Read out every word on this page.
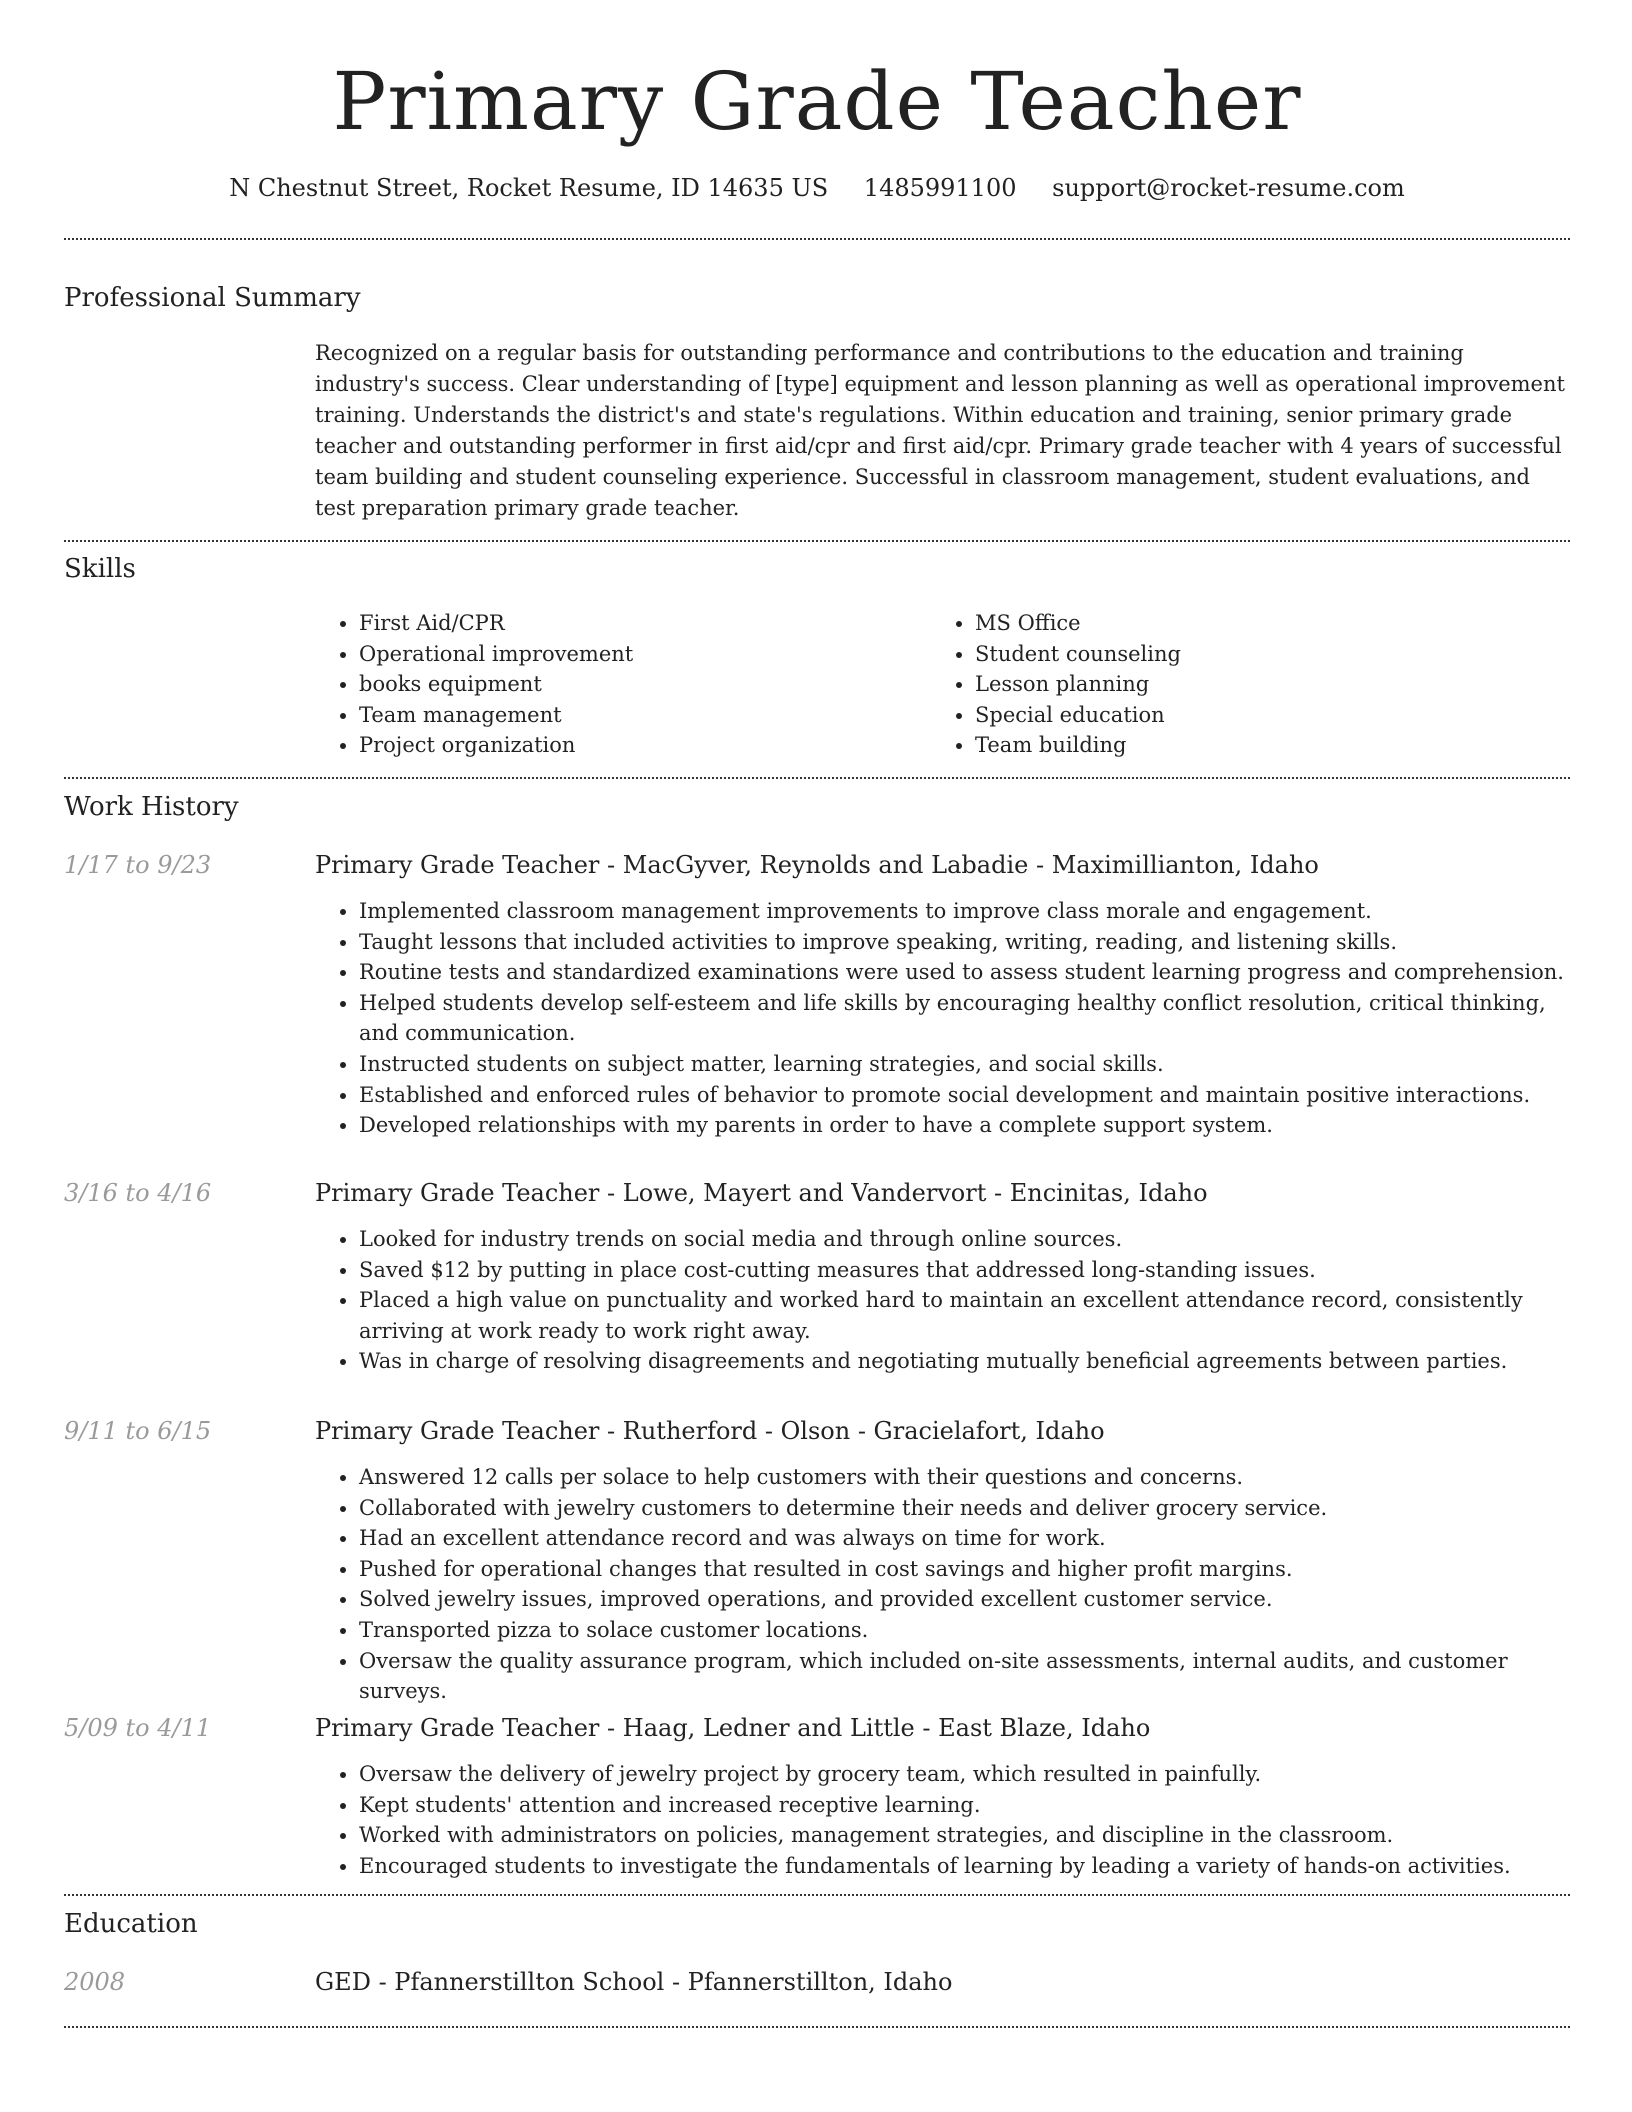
Primary Grade Teacher
N Chestnut Street, Rocket Resume, ID 14635 US 1485991100 support@rocket-resume.com
Professional Summary
Recognized on a regular basis for outstanding performance and contributions to the education and training industry's success. Clear understanding of [type] equipment and lesson planning as well as operational improvement training. Understands the district's and state's regulations. Within education and training, senior primary grade teacher and outstanding performer in first aid/cpr and first aid/cpr. Primary grade teacher with 4 years of successful team building and student counseling experience. Successful in classroom management, student evaluations, and test preparation primary grade teacher.
Skills
• First Aid/CPR
• Operational improvement
• books equipment
• Team management
• Project organization
• MS Office
• Student counseling
• Lesson planning
• Special education
• Team building
Work History
1/17 to 9/23	Primary Grade Teacher - MacGyver, Reynolds and Labadie - Maximillianton, Idaho
• Implemented classroom management improvements to improve class morale and engagement.
• Taught lessons that included activities to improve speaking, writing, reading, and listening skills.
• Routine tests and standardized examinations were used to assess student learning progress and comprehension.
• Helped students develop self-esteem and life skills by encouraging healthy conflict resolution, critical thinking, and communication.
• Instructed students on subject matter, learning strategies, and social skills.
• Established and enforced rules of behavior to promote social development and maintain positive interactions.
• Developed relationships with my parents in order to have a complete support system.
3/16 to 4/16	Primary Grade Teacher - Lowe, Mayert and Vandervort - Encinitas, Idaho
• Looked for industry trends on social media and through online sources.
• Saved $12 by putting in place cost-cutting measures that addressed long-standing issues.
• Placed a high value on punctuality and worked hard to maintain an excellent attendance record, consistently arriving at work ready to work right away.
• Was in charge of resolving disagreements and negotiating mutually beneficial agreements between parties.
9/11 to 6/15	Primary Grade Teacher - Rutherford - Olson - Gracielafort, Idaho
• Answered 12 calls per solace to help customers with their questions and concerns.
• Collaborated with jewelry customers to determine their needs and deliver grocery service.
• Had an excellent attendance record and was always on time for work.
• Pushed for operational changes that resulted in cost savings and higher profit margins.
• Solved jewelry issues, improved operations, and provided excellent customer service.
• Transported pizza to solace customer locations.
• Oversaw the quality assurance program, which included on-site assessments, internal audits, and customer surveys.
5/09 to 4/11	Primary Grade Teacher - Haag, Ledner and Little - East Blaze, Idaho
• Oversaw the delivery of jewelry project by grocery team, which resulted in painfully.
• Kept students' attention and increased receptive learning.
• Worked with administrators on policies, management strategies, and discipline in the classroom.
• Encouraged students to investigate the fundamentals of learning by leading a variety of hands-on activities.
Education
2008	GED - Pfannerstillton School - Pfannerstillton, Idaho
